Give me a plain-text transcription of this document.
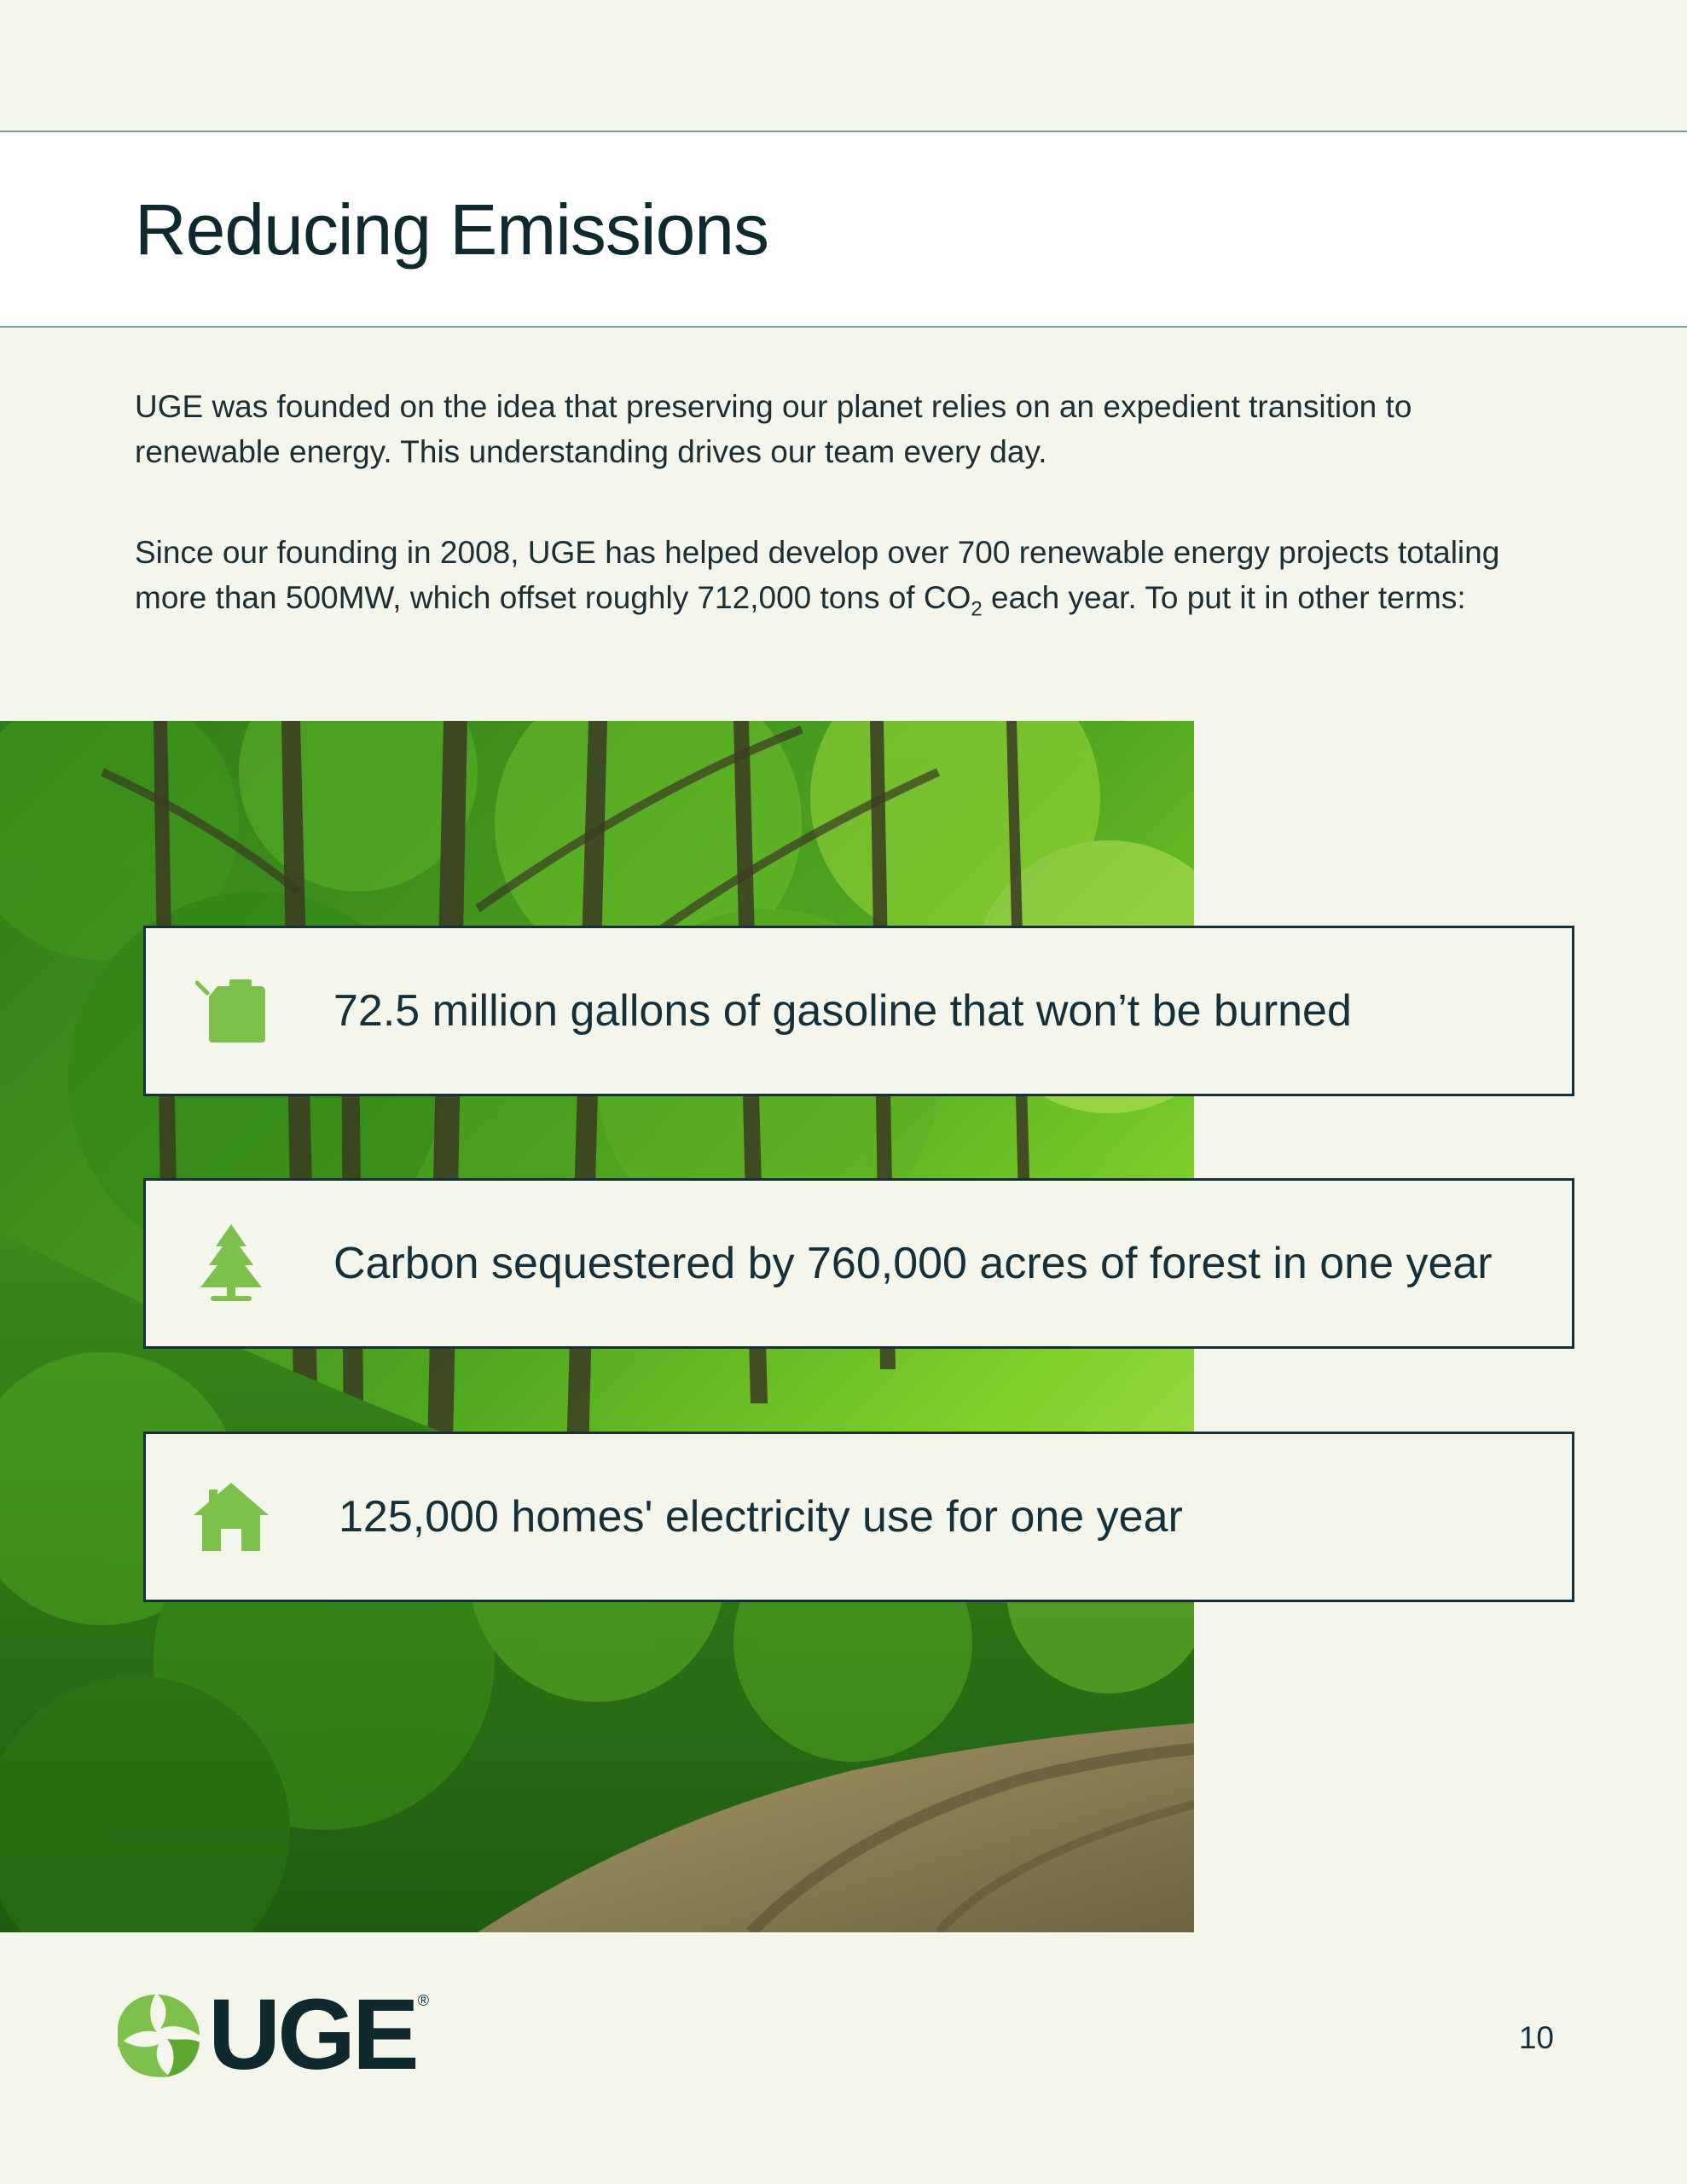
Reducing Emissions

UGE was founded on the idea that preserving our planet relies on an expedient transition to renewable energy. This understanding drives our team every day.

Since our founding in 2008, UGE has helped develop over 700 renewable energy projects totaling more than 500MW, which offset roughly 712,000 tons of $CO_2$ each year. To put it in other terms:

72.5 million gallons of gasoline that won’t be burned
Carbon sequestered by 760,000 acres of forest in one year
125,000 homes' electricity use for one year
UGE ®
10
